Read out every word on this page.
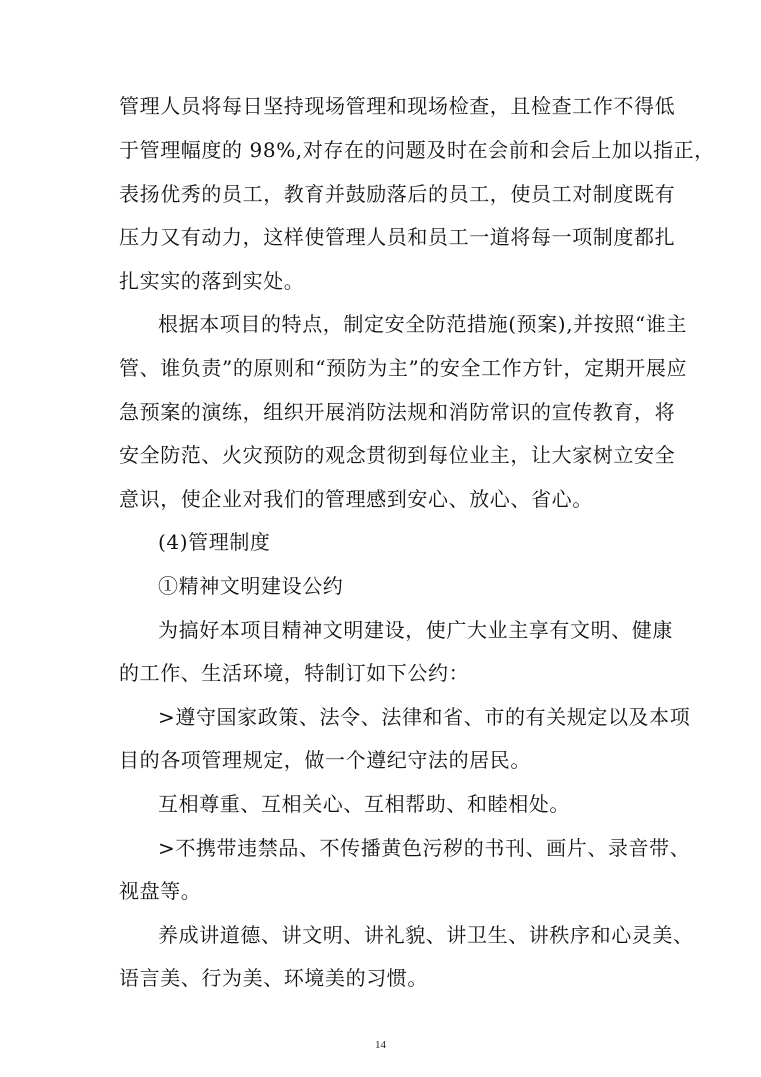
管理人员将每日坚持现场管理和现场检查，且检查工作不得低
于管理幅度的 98%,对存在的问题及时在会前和会后上加以指正，
表扬优秀的员工，教育并鼓励落后的员工，使员工对制度既有
压力又有动力，这样使管理人员和员工一道将每一项制度都扎
扎实实的落到实处。
根据本项目的特点，制定安全防范措施(预案),并按照“谁主
管、谁负责”的原则和“预防为主”的安全工作方针，定期开展应
急预案的演练，组织开展消防法规和消防常识的宣传教育，将
安全防范、火灾预防的观念贯彻到每位业主，让大家树立安全
意识，使企业对我们的管理感到安心、放心、省心。
(4)管理制度
①精神文明建设公约
为搞好本项目精神文明建设，使广大业主享有文明、健康
的工作、生活环境，特制订如下公约：
>遵守国家政策、法令、法律和省、市的有关规定以及本项
目的各项管理规定，做一个遵纪守法的居民。
互相尊重、互相关心、互相帮助、和睦相处。
>不携带违禁品、不传播黄色污秽的书刊、画片、录音带、
视盘等。
养成讲道德、讲文明、讲礼貌、讲卫生、讲秩序和心灵美、
语言美、行为美、环境美的习惯。
14
